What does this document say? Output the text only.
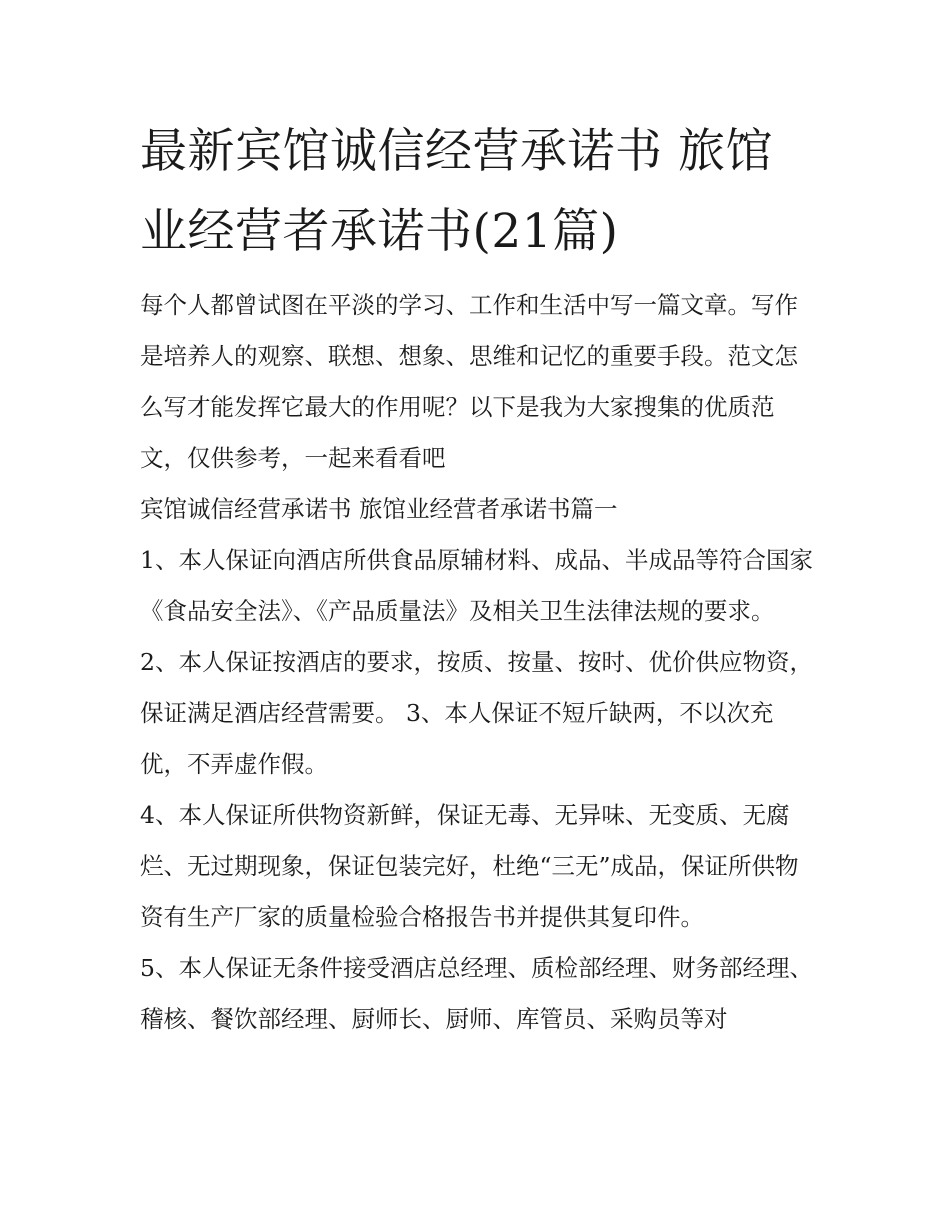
最新宾馆诚信经营承诺书 旅馆业经营者承诺书(21篇)

每个人都曾试图在平淡的学习、工作和生活中写一篇文章。写作是培养人的观察、联想、想象、思维和记忆的重要手段。范文怎么写才能发挥它最大的作用呢？以下是我为大家搜集的优质范文，仅供参考，一起来看看吧

宾馆诚信经营承诺书 旅馆业经营者承诺书篇一

1、本人保证向酒店所供食品原辅材料、成品、半成品等符合国家《食品安全法》、《产品质量法》及相关卫生法律法规的要求。

2、本人保证按酒店的要求，按质、按量、按时、优价供应物资，保证满足酒店经营需要。 3、本人保证不短斤缺两，不以次充优，不弄虚作假。

4、本人保证所供物资新鲜，保证无毒、无异味、无变质、无腐烂、无过期现象，保证包装完好，杜绝“三无”成品，保证所供物资有生产厂家的质量检验合格报告书并提供其复印件。

5、本人保证无条件接受酒店总经理、质检部经理、财务部经理、稽核、餐饮部经理、厨师长、厨师、库管员、采购员等对
